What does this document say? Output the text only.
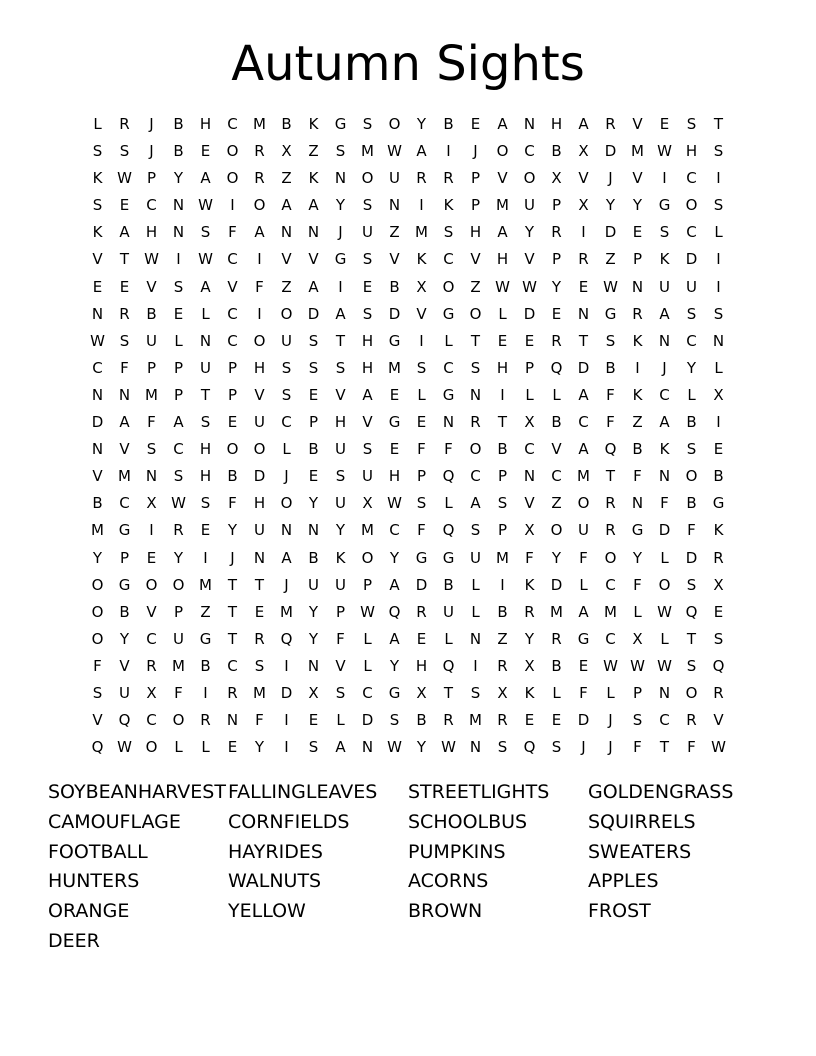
Autumn Sights
L	R	J	B	H	C	M	B	K	G	S	O	Y	B	E	A	N	H	A	R	V	E	S	T
S	S	J	B	E	O	R	X	Z	S	M W A	I	J	O	C	B	X	D M W H	S
K W	P	Y	A	O	R	Z	K	N	O	U	R	R	P	V	O	X	V	J	V	I	C	I
S	E	C	N W	I	O	A	A	Y	S	N	I	K	P	M	U	P	X	Y	Y	G	O	S
K	A	H	N	S	F	A	N	N	J	U	Z	M	S	H	A	Y	R	I	D	E	S	C	L
V	T	W	I	W C	I	V	V	G	S	V	K	C	V	H	V	P	R	Z	P	K	D	I
E	E	V	S	A	V	F	Z	A	I	E	B	X	O	Z W W Y	E W N	U	U	I
N	R	B	E	L	C	I	O	D	A	S	D	V	G	O	L	D	E	N	G	R	A	S	S
W S	U	L	N	C	O	U	S	T	H	G	I	L	T	E	E	R	T	S	K	N	C	N
C	F	P	P	U	P	H	S	S	S	H M	S	C	S	H	P	Q	D	B	I	J	Y	L
N	N M	P	T	P	V	S	E	V	A	E	L	G	N	I	L	L	A	F	K	C	L	X
D	A	F	A	S	E	U	C	P	H	V	G	E	N	R	T	X	B	C	F	Z	A	B	I
N	V	S	C	H	O	O	L	B	U	S	E	F	F	O	B	C	V	A	Q	B	K	S	E
V	M N	S	H	B	D	J	E	S	U	H	P	Q	C	P	N	C	M	T	F	N	O	B
B	C	X W S	F	H	O	Y	U	X W S	L	A	S	V	Z	O	R	N	F	B	G
M G	I	R	E	Y	U	N	N	Y	M	C	F	Q	S	P	X	O	U	R	G	D	F	K
Y	P	E	Y	I	J	N	A	B	K	O	Y	G	G	U	M	F	Y	F	O	Y	L	D	R
O	G	O	O M	T	T	J	U	U	P	A	D	B	L	I	K	D	L	C	F	O	S	X
O	B	V	P	Z	T	E	M	Y	P	W Q	R	U	L	B	R	M	A	M	L	W Q	E
O	Y	C	U	G	T	R	Q	Y	F	L	A	E	L	N	Z	Y	R	G	C	X	L	T	S
F	V	R	M	B	C	S	I	N	V	L	Y	H	Q	I	R	X	B	E W W W S	Q
S	U	X	F	I	R	M D	X	S	C	G	X	T	S	X	K	L	F	L	P	N	O	R
V	Q	C	O	R	N	F	I	E	L	D	S	B	R	M	R	E	E	D	J	S	C	R	V
Q W O	L	L	E	Y	I	S	A	N W Y	W N	S	Q	S	J	J	F	T	F	W
SOYBEANHARVEST FALLINGLEAVES	STREETLIGHTS	GOLDENGRASS
CAMOUFLAGE	CORNFIELDS	SCHOOLBUS	SQUIRRELS
FOOTBALL	HAYRIDES	PUMPKINS	SWEATERS
HUNTERS	WALNUTS	ACORNS	APPLES
ORANGE	YELLOW	BROWN	FROST
DEER
